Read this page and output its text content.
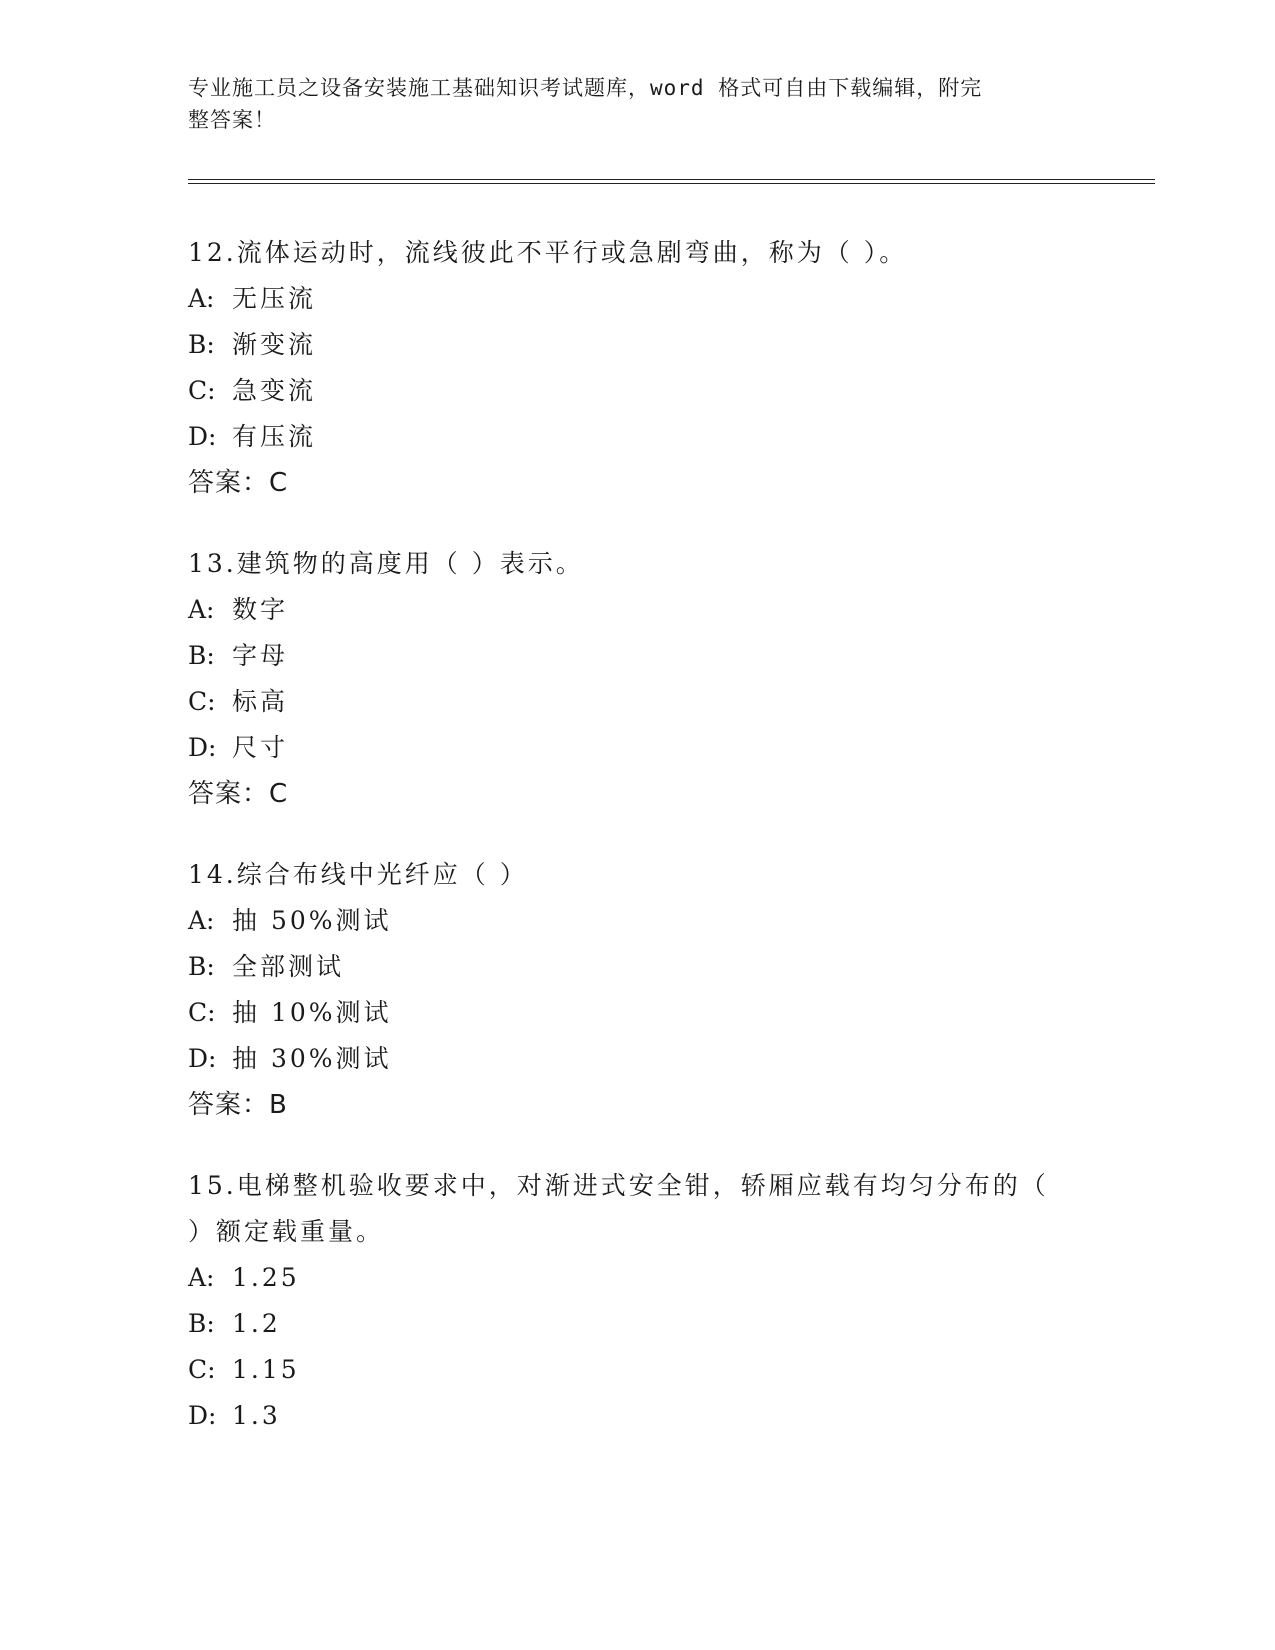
专业施工员之设备安装施工基础知识考试题库，word 格式可自由下载编辑，附完
整答案！

12.流体运动时，流线彼此不平行或急剧弯曲，称为（ ）。

A: 无压流

B: 渐变流

C: 急变流

D: 有压流

答案：C

13.建筑物的高度用（ ）表示。

A: 数字

B: 字母

C: 标高

D: 尺寸

答案：C

14.综合布线中光纤应（ ）

A: 抽 50%测试

B: 全部测试

C: 抽 10%测试

D: 抽 30%测试

答案：B

15.电梯整机验收要求中，对渐进式安全钳，轿厢应载有均匀分布的（

）额定载重量。

A: 1.25

B: 1.2

C: 1.15

D: 1.3
